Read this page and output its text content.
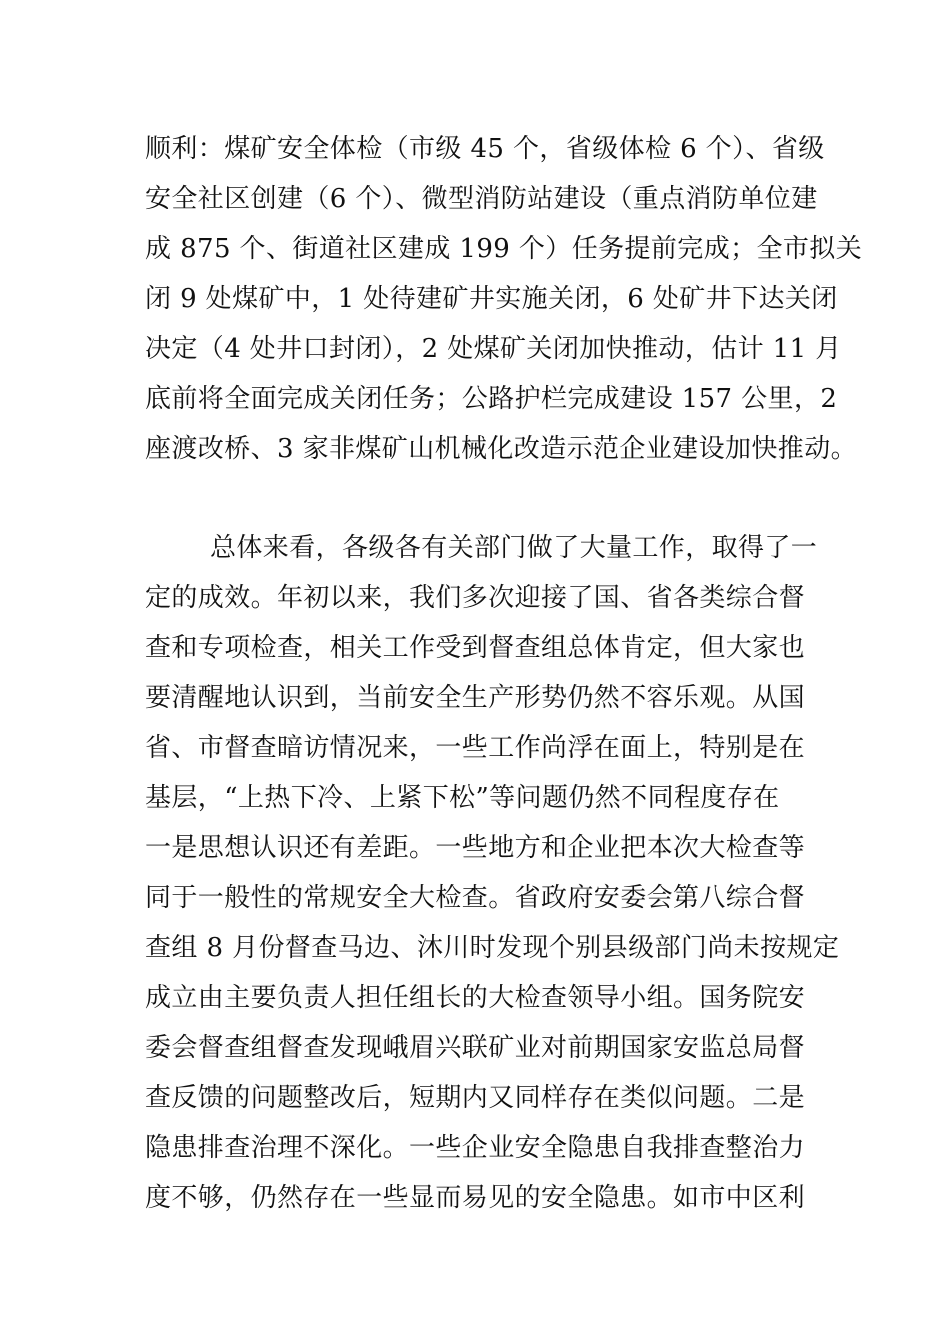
顺利：煤矿安全体检（市级 45 个，省级体检 6 个）、省级
安全社区创建（6 个）、微型消防站建设（重点消防单位建
成 875 个、街道社区建成 199 个）任务提前完成；全市拟关
闭 9 处煤矿中，1 处待建矿井实施关闭，6 处矿井下达关闭
决定（4 处井口封闭），2 处煤矿关闭加快推动，估计 11 月
底前将全面完成关闭任务；公路护栏完成建设 157 公里，2
座渡改桥、3 家非煤矿山机械化改造示范企业建设加快推动。
总体来看，各级各有关部门做了大量工作，取得了一
定的成效。年初以来，我们多次迎接了国、省各类综合督
查和专项检查，相关工作受到督查组总体肯定，但大家也
要清醒地认识到，当前安全生产形势仍然不容乐观。从国
省、市督查暗访情况来，一些工作尚浮在面上，特别是在
基层，“上热下冷、上紧下松”等问题仍然不同程度存在
一是思想认识还有差距。一些地方和企业把本次大检查等
同于一般性的常规安全大检查。省政府安委会第八综合督
查组 8 月份督查马边、沐川时发现个别县级部门尚未按规定
成立由主要负责人担任组长的大检查领导小组。国务院安
委会督查组督查发现峨眉兴联矿业对前期国家安监总局督
查反馈的问题整改后，短期内又同样存在类似问题。二是
隐患排查治理不深化。一些企业安全隐患自我排查整治力
度不够，仍然存在一些显而易见的安全隐患。如市中区利
